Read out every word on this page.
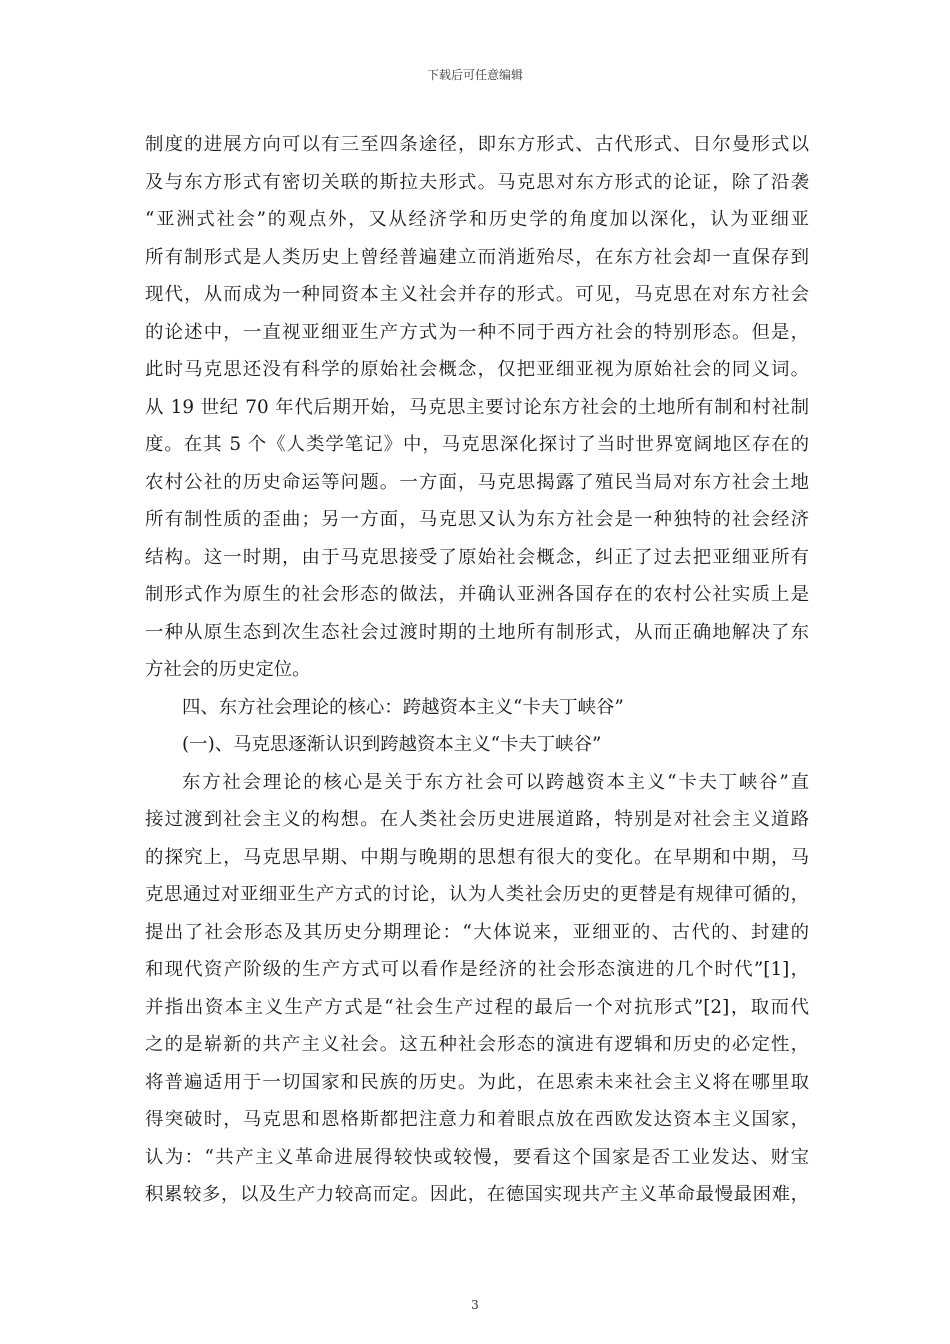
下载后可任意编辑
制度的进展方向可以有三至四条途径，即东方形式、古代形式、日尔曼形式以
及与东方形式有密切关联的斯拉夫形式。马克思对东方形式的论证，除了沿袭
“亚洲式社会”的观点外，又从经济学和历史学的角度加以深化，认为亚细亚
所有制形式是人类历史上曾经普遍建立而消逝殆尽，在东方社会却一直保存到
现代，从而成为一种同资本主义社会并存的形式。可见，马克思在对东方社会
的论述中，一直视亚细亚生产方式为一种不同于西方社会的特别形态。但是，
此时马克思还没有科学的原始社会概念，仅把亚细亚视为原始社会的同义词。
从 19 世纪 70 年代后期开始，马克思主要讨论东方社会的土地所有制和村社制
度。在其 5 个《人类学笔记》中，马克思深化探讨了当时世界宽阔地区存在的
农村公社的历史命运等问题。一方面，马克思揭露了殖民当局对东方社会土地
所有制性质的歪曲；另一方面，马克思又认为东方社会是一种独特的社会经济
结构。这一时期，由于马克思接受了原始社会概念，纠正了过去把亚细亚所有
制形式作为原生的社会形态的做法，并确认亚洲各国存在的农村公社实质上是
一种从原生态到次生态社会过渡时期的土地所有制形式，从而正确地解决了东
方社会的历史定位。
四、东方社会理论的核心：跨越资本主义“卡夫丁峡谷”
(一)、马克思逐渐认识到跨越资本主义“卡夫丁峡谷”
东方社会理论的核心是关于东方社会可以跨越资本主义“卡夫丁峡谷”直
接过渡到社会主义的构想。在人类社会历史进展道路，特别是对社会主义道路
的探究上，马克思早期、中期与晚期的思想有很大的变化。在早期和中期，马
克思通过对亚细亚生产方式的讨论，认为人类社会历史的更替是有规律可循的，
提出了社会形态及其历史分期理论：“大体说来，亚细亚的、古代的、封建的
和现代资产阶级的生产方式可以看作是经济的社会形态演进的几个时代”[1]，
并指出资本主义生产方式是“社会生产过程的最后一个对抗形式”[2]，取而代
之的是崭新的共产主义社会。这五种社会形态的演进有逻辑和历史的必定性，
将普遍适用于一切国家和民族的历史。为此，在思索未来社会主义将在哪里取
得突破时，马克思和恩格斯都把注意力和着眼点放在西欧发达资本主义国家，
认为：“共产主义革命进展得较快或较慢，要看这个国家是否工业发达、财宝
积累较多，以及生产力较高而定。因此，在德国实现共产主义革命最慢最困难，
3
